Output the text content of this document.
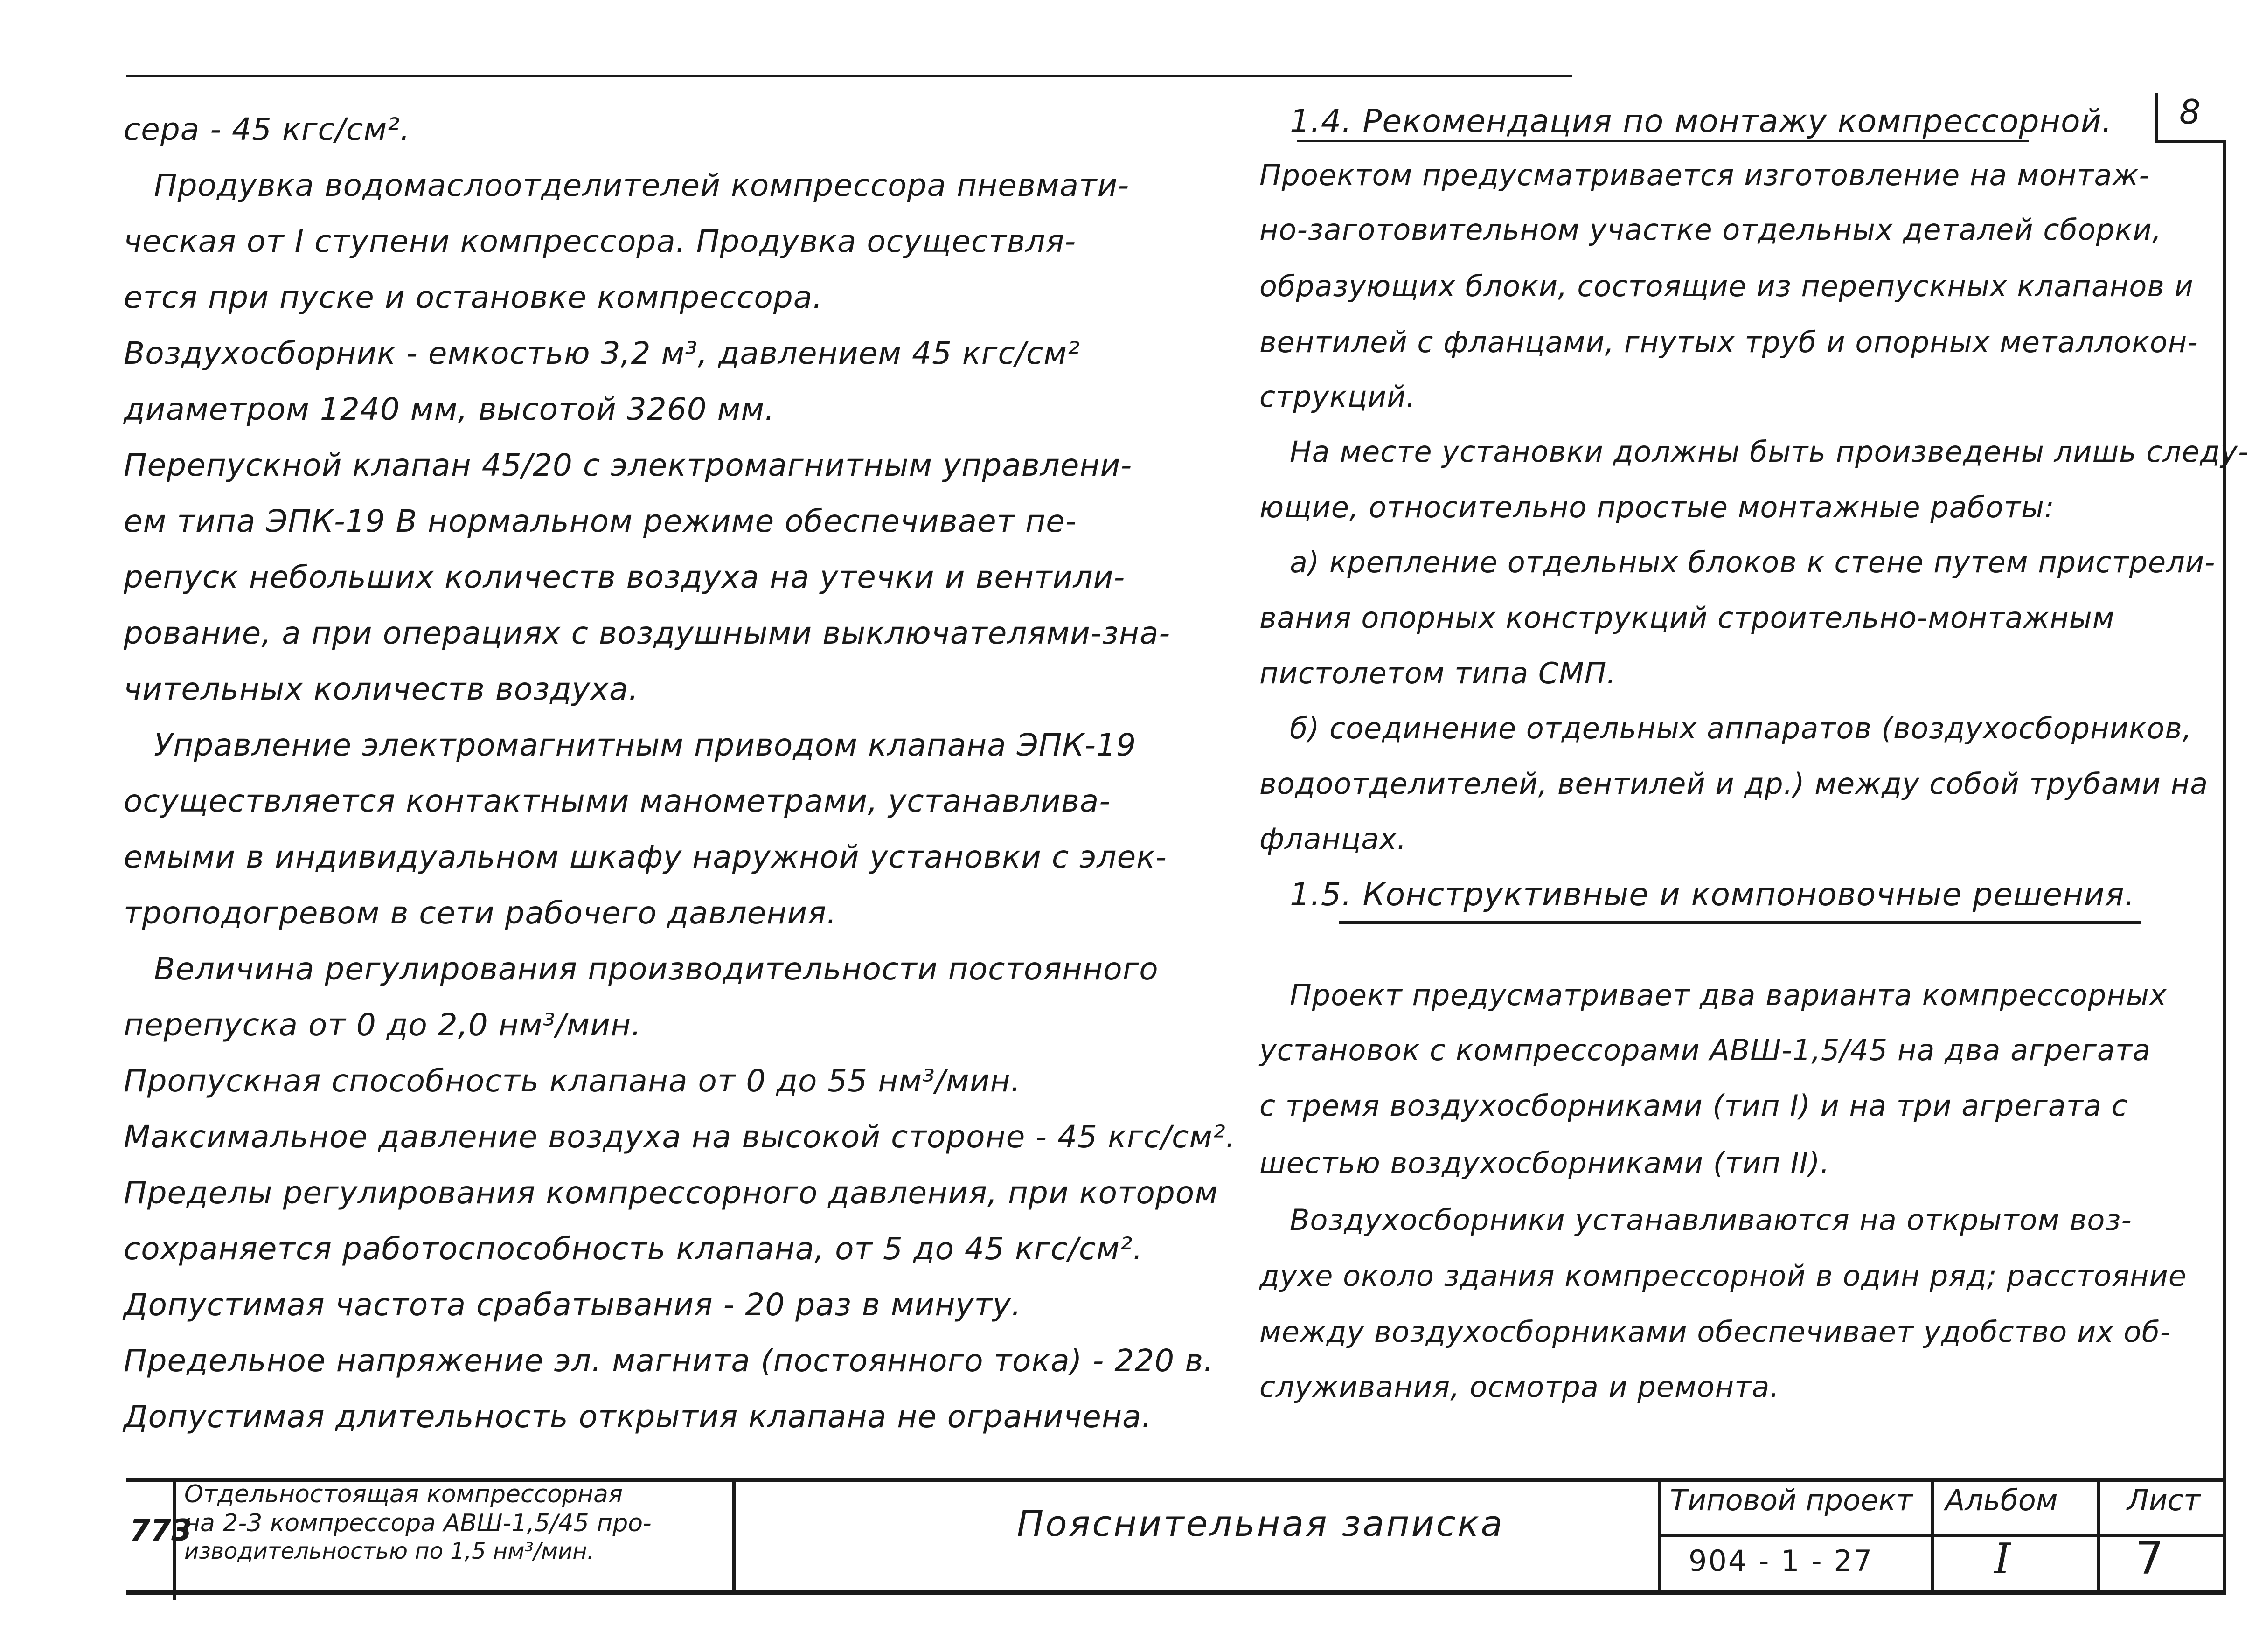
8
сера - 45 кгс/см².
Продувка водомаслоотделителей компрессора пневмати-
ческая от I ступени компрессора. Продувка осуществля-
ется при пуске и остановке компрессора.
Воздухосборник - емкостью 3,2 м³, давлением 45 кгс/см²
диаметром 1240 мм, высотой 3260 мм.
Перепускной клапан 45/20 с электромагнитным управлени-
ем типа ЭПК-19 В нормальном режиме обеспечивает пе-
репуск небольших количеств воздуха на утечки и вентили-
рование, а при операциях с воздушными выключателями-зна-
чительных количеств воздуха.
Управление электромагнитным приводом клапана ЭПК-19
осуществляется контактными манометрами, устанавлива-
емыми в индивидуальном шкафу наружной установки с элек-
троподогревом в сети рабочего давления.
Величина регулирования производительности постоянного
перепуска от 0 до 2,0 нм³/мин.
Пропускная способность клапана от 0 до 55 нм³/мин.
Максимальное давление воздуха на высокой стороне - 45 кгс/см².
Пределы регулирования компрессорного давления, при котором
сохраняется работоспособность клапана, от 5 до 45 кгс/см².
Допустимая частота срабатывания - 20 раз в минуту.
Предельное напряжение эл. магнита (постоянного тока) - 220 в.
Допустимая длительность открытия клапана не ограничена.
1.4. Рекомендация по монтажу компрессорной.
Проектом предусматривается изготовление на монтаж-
но-заготовительном участке отдельных деталей сборки,
образующих блоки, состоящие из перепускных клапанов и
вентилей с фланцами, гнутых труб и опорных металлокон-
струкций.
На месте установки должны быть произведены лишь следу-
ющие, относительно простые монтажные работы:
а) крепление отдельных блоков к стене путем пристрели-
вания опорных конструкций строительно-монтажным
пистолетом типа СМП.
б) соединение отдельных аппаратов (воздухосборников,
водоотделителей, вентилей и др.) между собой трубами на
фланцах.
1.5. Конструктивные и компоновочные решения.
Проект предусматривает два варианта компрессорных
установок с компрессорами АВШ-1,5/45 на два агрегата
с тремя воздухосборниками (тип I) и на три агрегата с
шестью воздухосборниками (тип II).
Воздухосборники устанавливаются на открытом воз-
духе около здания компрессорной в один ряд; расстояние
между воздухосборниками обеспечивает удобство их об-
служивания, осмотра и ремонта.
773
Отдельностоящая компрессорная
на 2-3 компрессора АВШ-1,5/45 про-
изводительностью по 1,5 нм³/мин.
Пояснительная записка
Типовой проект
904 - 1 - 27
Альбом
I
Лист
7
